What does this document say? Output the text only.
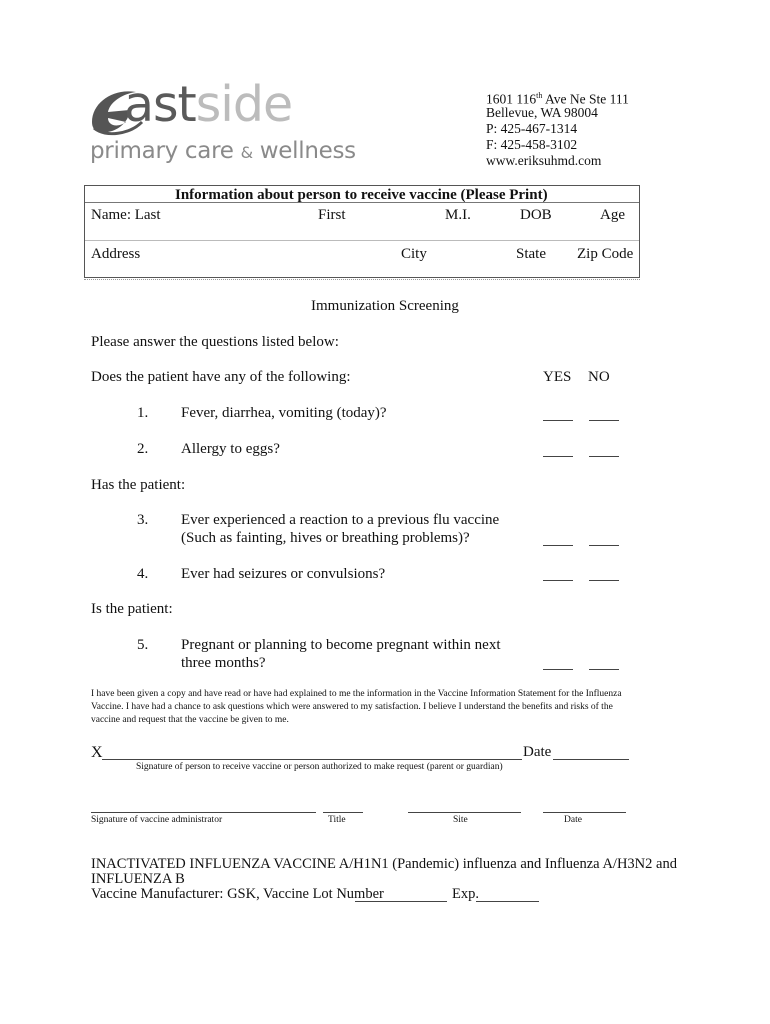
astside
primary care & wellness
1601 116th Ave Ne Ste 111
Bellevue, WA 98004
P: 425-467-1314
F: 425-458-3102
www.eriksuhmd.com
Information about person to receive vaccine (Please Print)
Name: Last	First	M.I.	DOB	Age
Address	City	State Zip Code
Immunization Screening
Please answer the questions listed below:
Does the patient have any of the following:	YES NO
1. Fever, diarrhea, vomiting (today)?
2. Allergy to eggs?
Has the patient:
3. Ever experienced a reaction to a previous flu vaccine
(Such as fainting, hives or breathing problems)?
4. Ever had seizures or convulsions?
Is the patient:
5. Pregnant or planning to become pregnant within next
three months?
I have been given a copy and have read or have had explained to me the information in the Vaccine Information Statement for the Influenza
Vaccine. I have had a chance to ask questions which were answered to my satisfaction. I believe I understand the benefits and risks of the
vaccine and request that the vaccine be given to me.
X	Date
Signature of person to receive vaccine or person authorized to make request (parent or guardian)
Signature of vaccine administrator	Title	Site	Date
INACTIVATED INFLUENZA VACCINE A/H1N1 (Pandemic) influenza and Influenza A/H3N2 and
INFLUENZA B
Vaccine Manufacturer: GSK, Vaccine Lot Number	Exp.
